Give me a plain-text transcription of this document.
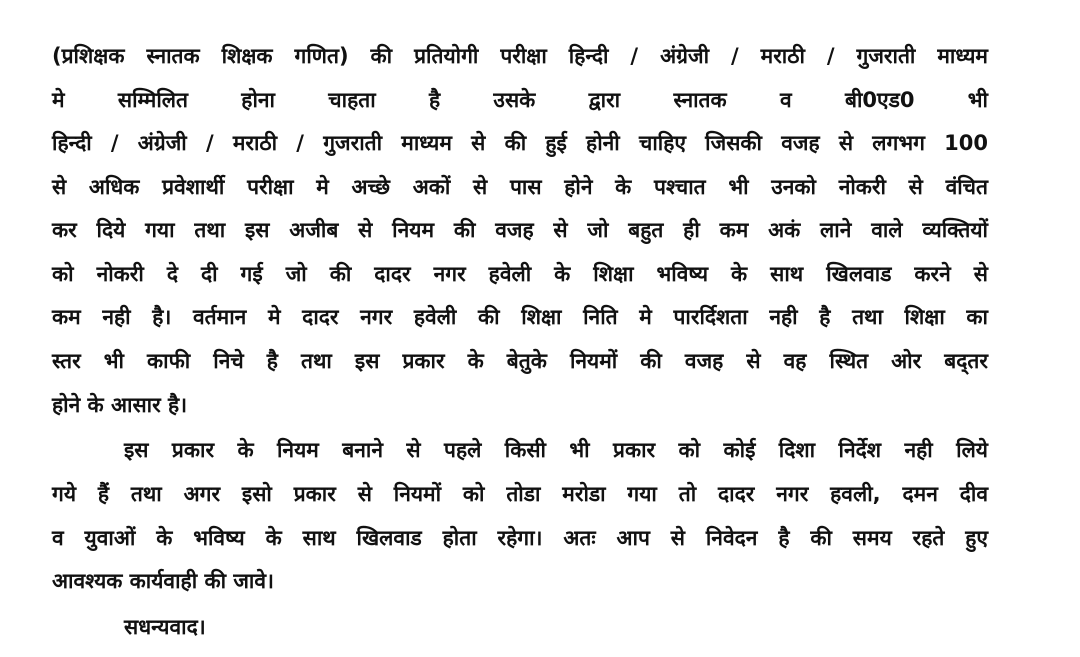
(प्रशिक्षक स्नातक शिक्षक गणित) की प्रतियोगी परीक्षा हिन्दी / अंग्रेजी / मराठी / गुजराती माध्यम
मे सम्मिलित होना चाहता है उसके द्वारा स्नातक व बी0एड0 भी
हिन्दी / अंग्रेजी / मराठी / गुजराती माध्यम से की हुई होनी चाहिए जिसकी वजह से लगभग 100
से अधिक प्रवेशार्थी परीक्षा मे अच्छे अकों से पास होने के पश्चात भी उनको नोकरी से वंचित
कर दिये गया तथा इस अजीब से नियम की वजह से जो बहुत ही कम अकं लाने वाले व्यक्तियों
को नोकरी दे दी गई जो की दादर नगर हवेली के शिक्षा भविष्य के साथ खिलवाड करने से
कम नही है। वर्तमान मे दादर नगर हवेली की शिक्षा निति मे पारर्दिशता नही है तथा शिक्षा का
स्तर भी काफी निचे है तथा इस प्रकार के बेतुके नियमों की वजह से वह स्थित ओर बद्तर
होने के आसार है।
इस प्रकार के नियम बनाने से पहले किसी भी प्रकार को कोई दिशा निर्देश नही लिये
गये हैं तथा अगर इसो प्रकार से नियमों को तोडा मरोडा गया तो दादर नगर हवली, दमन दीव
व युवाओं के भविष्य के साथ खिलवाड होता रहेगा। अतः आप से निवेदन है की समय रहते हुए
आवश्यक कार्यवाही की जावे।
सधन्यवाद।
